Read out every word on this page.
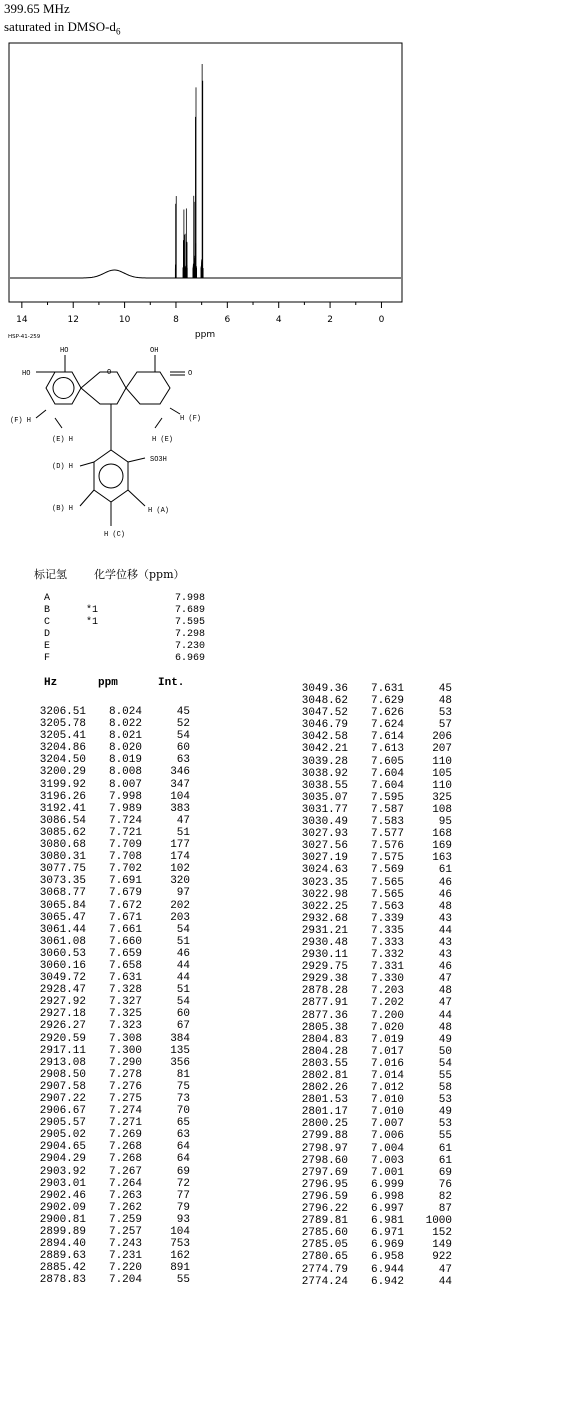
399.65 MHz
saturated in DMSO-$d_6$
14	12	10	8	6	4	2	0
ppm
HSP-41-259
HO	OH
HO	O	O
(F) H	H (F)
(E) H	H (E)
(D) H
SO3H
(B) H	H (A)
H (C)
标记氢 化学位移（ppm）
A	7.998
B	*1	7.689
C	*1	7.595
D	7.298
E	7.230
F	6.969
Hz	ppm	Int.
3206.51	8.024	45
3205.78	8.022	52
3205.41	8.021	54
3204.86	8.020	60
3204.50	8.019	63
3200.29	8.008	346
3199.92	8.007	347
3196.26	7.998	104
3192.41	7.989	383
3086.54	7.724	47
3085.62	7.721	51
3080.68	7.709	177
3080.31	7.708	174
3077.75	7.702	102
3073.35	7.691	320
3068.77	7.679	97
3065.84	7.672	202
3065.47	7.671	203
3061.44	7.661	54
3061.08	7.660	51
3060.53	7.659	46
3060.16	7.658	44
3049.72	7.631	44
2928.47	7.328	51
2927.92	7.327	54
2927.18	7.325	60
2926.27	7.323	67
2920.59	7.308	384
2917.11	7.300	135
2913.08	7.290	356
2908.50	7.278	81
2907.58	7.276	75
2907.22	7.275	73
2906.67	7.274	70
2905.57	7.271	65
2905.02	7.269	63
2904.65	7.268	64
2904.29	7.268	64
2903.92	7.267	69
2903.01	7.264	72
2902.46	7.263	77
2902.09	7.262	79
2900.81	7.259	93
2899.89	7.257	104
2894.40	7.243	753
2889.63	7.231	162
2885.42	7.220	891
2878.83	7.204	55
3049.36	7.631	45
3048.62	7.629	48
3047.52	7.626	53
3046.79	7.624	57
3042.58	7.614	206
3042.21	7.613	207
3039.28	7.605	110
3038.92	7.604	105
3038.55	7.604	110
3035.07	7.595	325
3031.77	7.587	108
3030.49	7.583	95
3027.93	7.577	168
3027.56	7.576	169
3027.19	7.575	163
3024.63	7.569	61
3023.35	7.565	46
3022.98	7.565	46
3022.25	7.563	48
2932.68	7.339	43
2931.21	7.335	44
2930.48	7.333	43
2930.11	7.332	43
2929.75	7.331	46
2929.38	7.330	47
2878.28	7.203	48
2877.91	7.202	47
2877.36	7.200	44
2805.38	7.020	48
2804.83	7.019	49
2804.28	7.017	50
2803.55	7.016	54
2802.81	7.014	55
2802.26	7.012	58
2801.53	7.010	53
2801.17	7.010	49
2800.25	7.007	53
2799.88	7.006	55
2798.97	7.004	61
2798.60	7.003	61
2797.69	7.001	69
2796.95	6.999	76
2796.59	6.998	82
2796.22	6.997	87
2789.81	6.981	1000
2785.60	6.971	152
2785.05	6.969	149
2780.65	6.958	922
2774.79	6.944	47
2774.24	6.942	44
